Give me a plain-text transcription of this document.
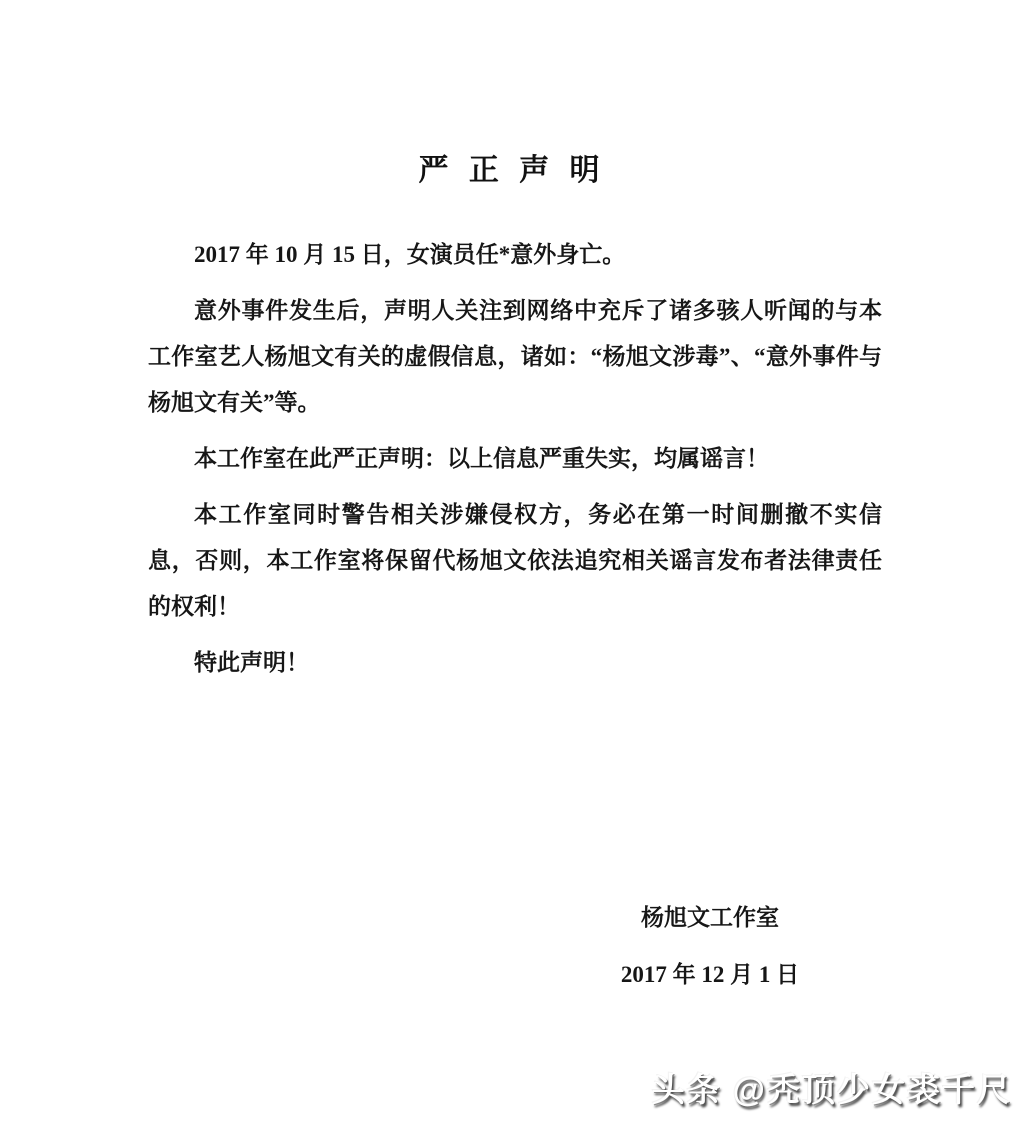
严 正 声 明

2017 年 10 月 15 日，女演员任*意外身亡。

意外事件发生后，声明人关注到网络中充斥了诸多骇人听闻的与本工作室艺人杨旭文有关的虚假信息，诸如：“杨旭文涉毒”、“意外事件与杨旭文有关”等。

本工作室在此严正声明：以上信息严重失实，均属谣言！

本工作室同时警告相关涉嫌侵权方，务必在第一时间删撤不实信息，否则，本工作室将保留代杨旭文依法追究相关谣言发布者法律责任的权利！

特此声明！

杨旭文工作室
2017 年 12 月 1 日
头条 @秃顶少女裘千尺
